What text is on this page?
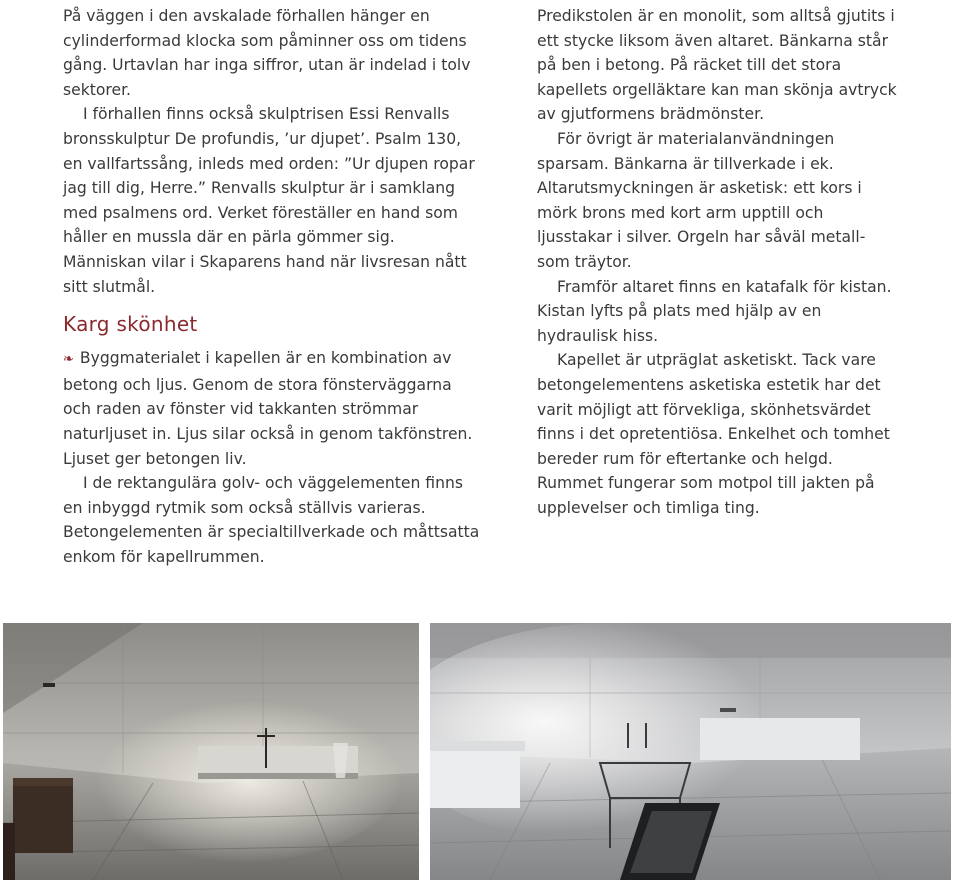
På väggen i den avskalade förhallen hänger en cylinderformad klocka som påminner oss om tidens gång. Urtavlan har inga siffror, utan är indelad i tolv sektorer.

I förhallen finns också skulptrisen Essi Renvalls bronsskulptur De profundis, ’ur djupet’. Psalm 130, en vallfartssång, inleds med orden: ”Ur djupen ropar jag till dig, Herre.” Renvalls skulptur är i samklang med psalmens ord. Verket föreställer en hand som håller en mussla där en pärla gömmer sig. Människan vilar i Skaparens hand när livsresan nått sitt slutmål.

Karg skönhet

❧ Byggmaterialet i kapellen är en kombination av betong och ljus. Genom de stora fönsterväggarna och raden av fönster vid takkanten strömmar naturljuset in. Ljus silar också in genom takfönstren. Ljuset ger betongen liv.

I de rektangulära golv- och väggelementen finns en inbyggd rytmik som också ställvis varieras. Betongelementen är specialtillverkade och måttsatta enkom för kapellrummen.

Predikstolen är en monolit, som alltså gjutits i ett stycke liksom även altaret. Bänkarna står på ben i betong. På räcket till det stora kapellets orgelläktare kan man skönja avtryck av gjutformens brädmönster.

För övrigt är materialanvändningen sparsam. Bänkarna är tillverkade i ek. Altarutsmyckningen är asketisk: ett kors i mörk brons med kort arm upptill och ljusstakar i silver. Orgeln har såväl metall- som träytor.

Framför altaret finns en katafalk för kistan. Kistan lyfts på plats med hjälp av en hydraulisk hiss.

Kapellet är utpräglat asketiskt. Tack vare betongelementens asketiska estetik har det varit möjligt att förvekliga, skönhetsvärdet finns i det opretentiösa. Enkelhet och tomhet bereder rum för eftertanke och helgd. Rummet fungerar som motpol till jakten på upplevelser och timliga ting.
